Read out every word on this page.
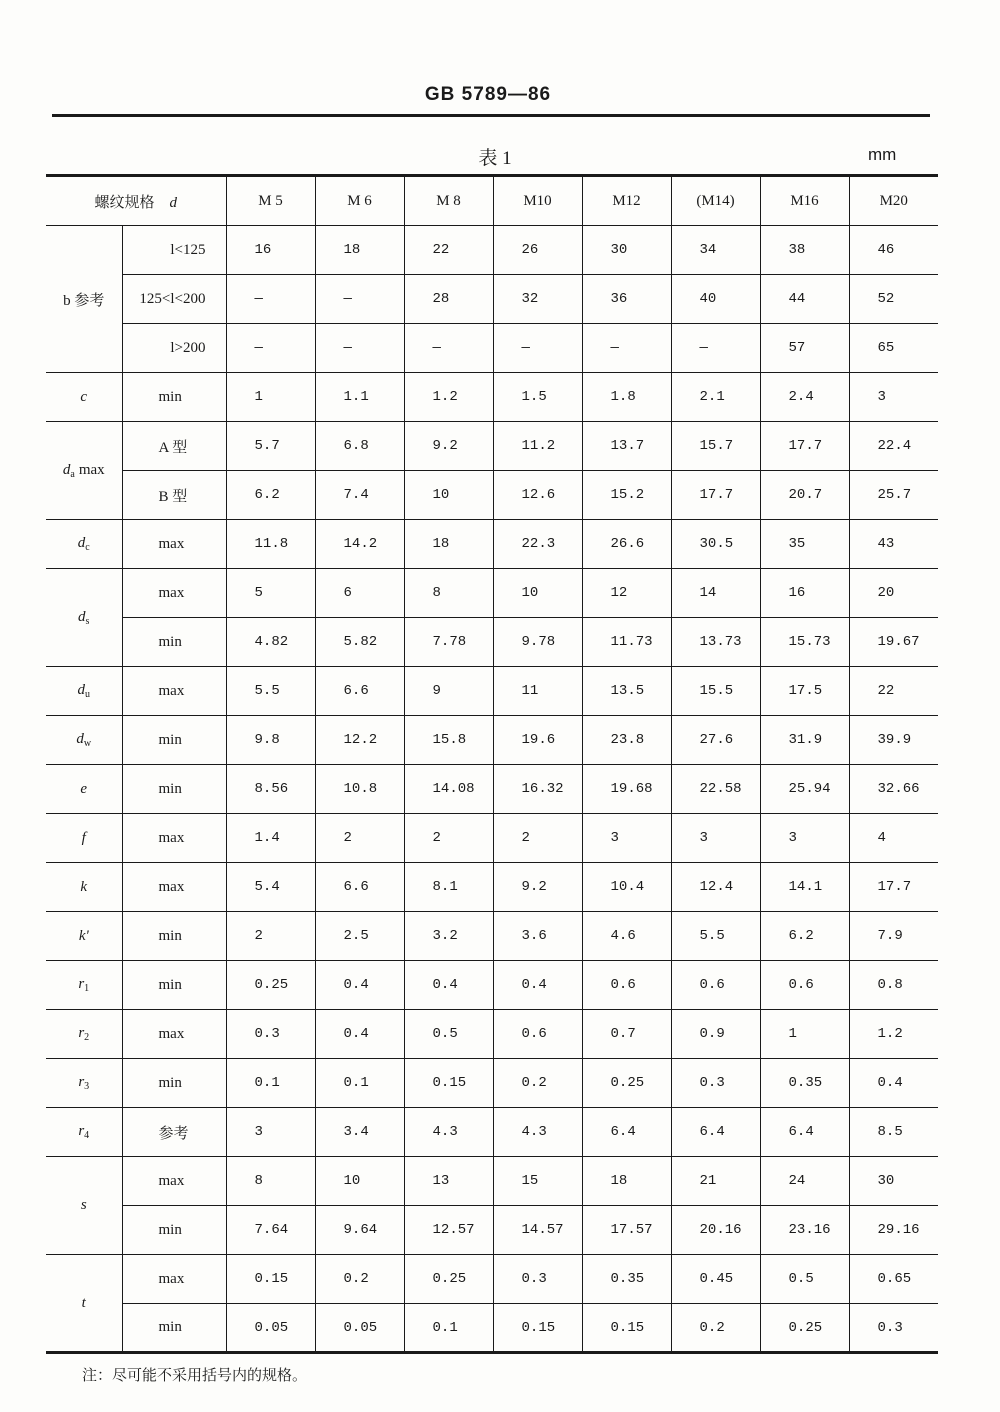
GB 5789—86
表 1	mm
螺纹规格 d		M 5	M 6	M 8	M10	M12	(M14)	M16	M20
b 参考	l<125	16	18	22	26	30	34	38	46
	125<l<200	—	—	28	32	36	40	44	52
	l>200	—	—	—	—	—	—	57	65
c	min	1	1.1	1.2	1.5	1.8	2.1	2.4	3
$d_a$ max	A 型	5.7	6.8	9.2	11.2	13.7	15.7	17.7	22.4
	B 型	6.2	7.4	10	12.6	15.2	17.7	20.7	25.7
$d_c$	max	11.8	14.2	18	22.3	26.6	30.5	35	43
$d_s$	max	5	6	8	10	12	14	16	20
	min	4.82	5.82	7.78	9.78	11.73	13.73	15.73	19.67
$d_u$	max	5.5	6.6	9	11	13.5	15.5	17.5	22
$d_w$	min	9.8	12.2	15.8	19.6	23.8	27.6	31.9	39.9
e	min	8.56	10.8	14.08	16.32	19.68	22.58	25.94	32.66
f	max	1.4	2	2	2	3	3	3	4
k	max	5.4	6.6	8.1	9.2	10.4	12.4	14.1	17.7
k'	min	2	2.5	3.2	3.6	4.6	5.5	6.2	7.9
$r_1$	min	0.25	0.4	0.4	0.4	0.6	0.6	0.6	0.8
$r_2$	max	0.3	0.4	0.5	0.6	0.7	0.9	1	1.2
$r_3$	min	0.1	0.1	0.15	0.2	0.25	0.3	0.35	0.4
$r_4$	参考	3	3.4	4.3	4.3	6.4	6.4	6.4	8.5
s	max	8	10	13	15	18	21	24	30
	min	7.64	9.64	12.57	14.57	17.57	20.16	23.16	29.16
t	max	0.15	0.2	0.25	0.3	0.35	0.45	0.5	0.65
	min	0.05	0.05	0.1	0.15	0.15	0.2	0.25	0.3
注：尽可能不采用括号内的规格。
